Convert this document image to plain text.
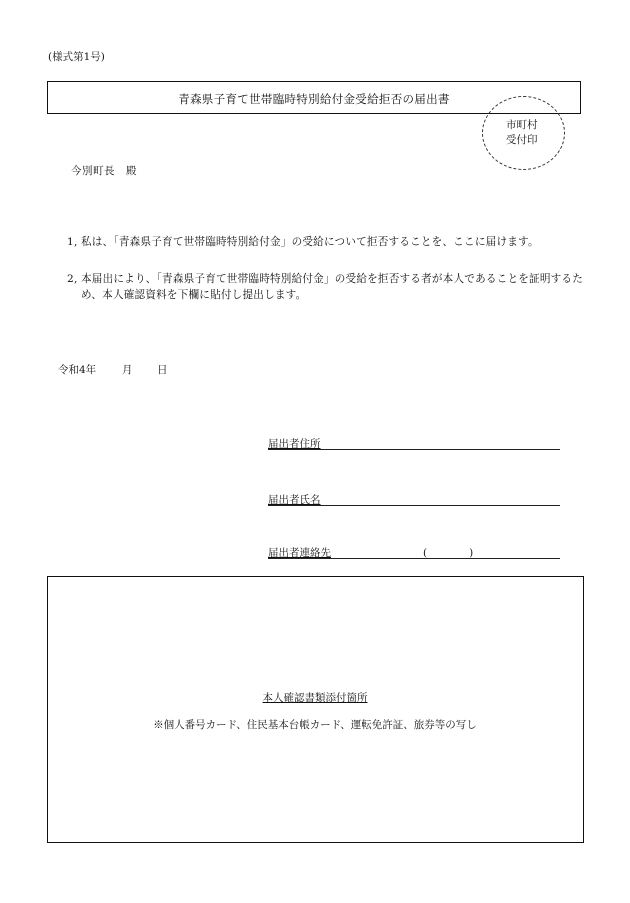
(様式第1号)
青森県子育て世帯臨時特別給付金受給拒否の届出書
市町村
受付印
今別町長　殿
1, 私は、「青森県子育て世帯臨時特別給付金」の受給について拒否することを、ここに届けます。
2, 本届出により、「青森県子育て世帯臨時特別給付金」の受給を拒否する者が本人であることを証明するため、本人確認資料を下欄に貼付し提出します。
令和4年 月 日
届出者住所
届出者氏名
届出者連絡先	(　　　　)
本人確認書類添付箇所
※個人番号カード、住民基本台帳カード、運転免許証、旅券等の写し
